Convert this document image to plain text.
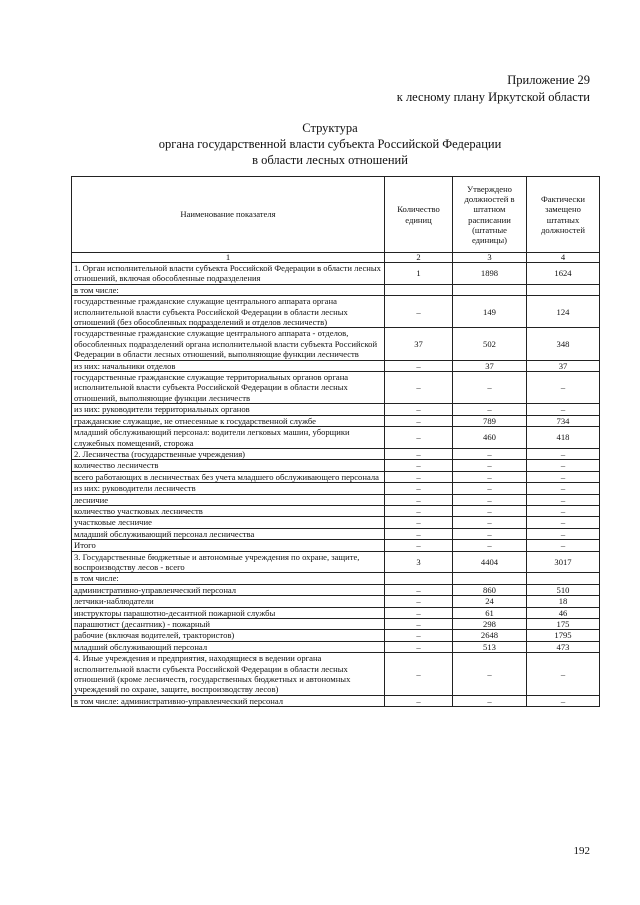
Приложение 29
к лесному плану Иркутской области
Структура
органа государственной власти субъекта Российской Федерации
в области лесных отношений
Наименование показателя	Количество единиц	Утверждено должностей в штатном расписании (штатные единицы)	Фактически замещено штатных должностей
1	2	3	4
1. Орган исполнительной власти субъекта Российской Федерации в области лесных отношений, включая обособленные подразделения	1	1898	1624
в том числе:			
государственные гражданские служащие центрального аппарата органа исполнительной власти субъекта Российской Федерации в области лесных отношений (без обособленных подразделений и отделов лесничеств)	–	149	124
государственные гражданские служащие центрального аппарата - отделов, обособленных подразделений органа исполнительной власти субъекта Российской Федерации в области лесных отношений, выполняющие функции лесничеств	37	502	348
из них: начальники отделов	–	37	37
государственные гражданские служащие территориальных органов органа исполнительной власти субъекта Российской Федерации в области лесных отношений, выполняющие функции лесничеств	–	–	–
из них: руководители территориальных органов	–	–	–
гражданские служащие, не отнесенные к государственной службе	–	789	734
младший обслуживающий персонал: водители легковых машин, уборщики служебных помещений, сторожа	–	460	418
2. Лесничества (государственные учреждения)	–	–	–
количество лесничеств	–	–	–
всего работающих в лесничествах без учета младшего обслуживающего персонала	–	–	–
из них: руководители лесничеств	–	–	–
лесничие	–	–	–
количество участковых лесничеств	–	–	–
участковые лесничие	–	–	–
младший обслуживающий персонал лесничества	–	–	–
Итого	–	–	–
3. Государственные бюджетные и автономные учреждения по охране, защите, воспроизводству лесов - всего	3	4404	3017
в том числе:			
административно-управленческий персонал	–	860	510
летчики-наблюдатели	–	24	18
инструкторы парашютно-десантной пожарной службы	–	61	46
парашютист (десантник) - пожарный	–	298	175
рабочие (включая водителей, трактористов)	–	2648	1795
младший обслуживающий персонал	–	513	473
4. Иные учреждения и предприятия, находящиеся в ведении органа исполнительной власти субъекта Российской Федерации в области лесных отношений (кроме лесничеств, государственных бюджетных и автономных учреждений по охране, защите, воспроизводству лесов)	–	–	–
в том числе: административно-управленческий персонал	–	–	–
192
